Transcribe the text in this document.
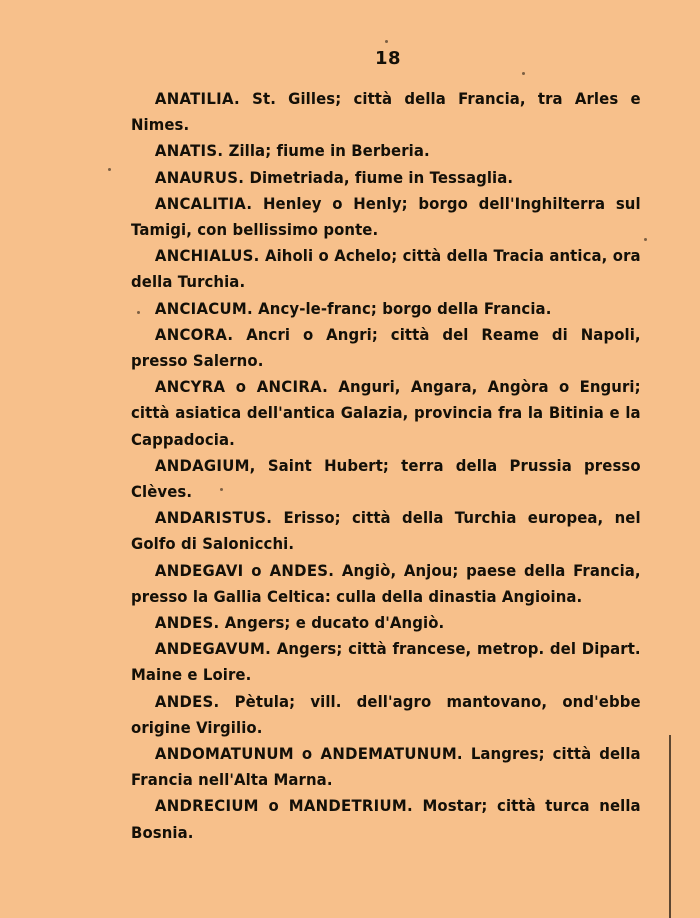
18
ANATILIA. St. Gilles; città della Francia, tra Arles e Nimes.
ANATIS. Zilla; fiume in Berberia.
ANAURUS. Dimetriada, fiume in Tessaglia.
ANCALITIA. Henley o Henly; borgo dell'Inghilterra sul Tamigi, con bellissimo ponte.
ANCHIALUS. Aiholi o Achelo; città della Tracia antica, ora della Turchia.
ANCIACUM. Ancy-le-franc; borgo della Francia.
ANCORA. Ancri o Angri; città del Reame di Napoli, presso Salerno.
ANCYRA o ANCIRA. Anguri, Angara, Angòra o Enguri; città asiatica dell'antica Galazia, provincia fra la Bitinia e la Cappadocia.
ANDAGIUM, Saint Hubert; terra della Prussia presso Clèves.
ANDARISTUS. Erisso; città della Turchia europea, nel Golfo di Salonicchi.
ANDEGAVI o ANDES. Angiò, Anjou; paese della Francia, presso la Gallia Celtica: culla della dinastia Angioina.
ANDES. Angers; e ducato d'Angiò.
ANDEGAVUM. Angers; città francese, metrop. del Dipart. Maine e Loire.
ANDES. Pètula; vill. dell'agro mantovano, ond'ebbe origine Virgilio.
ANDOMATUNUM o ANDEMATUNUM. Langres; città della Francia nell'Alta Marna.
ANDRECIUM o MANDETRIUM. Mostar; città turca nella Bosnia.
